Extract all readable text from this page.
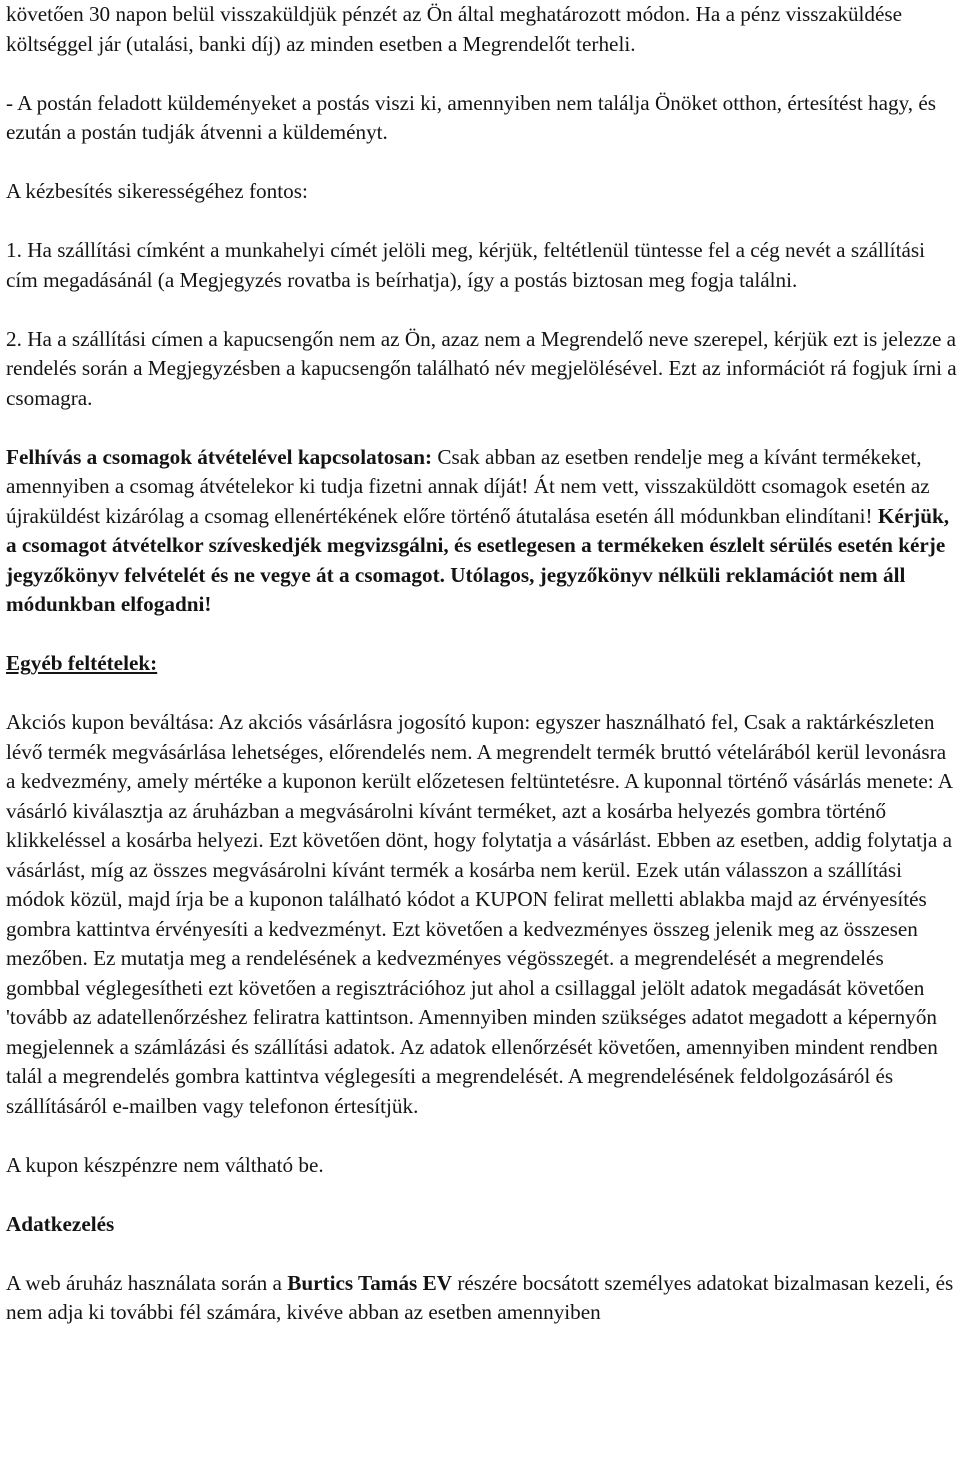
követően 30 napon belül visszaküldjük pénzét az Ön által meghatározott módon. Ha a pénz visszaküldése költséggel jár (utalási, banki díj) az minden esetben a Megrendelőt terheli.

- A postán feladott küldeményeket a postás viszi ki, amennyiben nem találja Önöket otthon, értesítést hagy, és ezután a postán tudják átvenni a küldeményt.

A kézbesítés sikerességéhez fontos:

1. Ha szállítási címként a munkahelyi címét jelöli meg, kérjük, feltétlenül tüntesse fel a cég nevét a szállítási cím megadásánál (a Megjegyzés rovatba is beírhatja), így a postás biztosan meg fogja találni.

2. Ha a szállítási címen a kapucsengőn nem az Ön, azaz nem a Megrendelő neve szerepel, kérjük ezt is jelezze a rendelés során a Megjegyzésben a kapucsengőn található név megjelölésével. Ezt az információt rá fogjuk írni a csomagra.

Felhívás a csomagok átvételével kapcsolatosan: Csak abban az esetben rendelje meg a kívánt termékeket, amennyiben a csomag átvételekor ki tudja fizetni annak díját! Át nem vett, visszaküldött csomagok esetén az újraküldést kizárólag a csomag ellenértékének előre történő átutalása esetén áll módunkban elindítani! Kérjük, a csomagot átvételkor szíveskedjék megvizsgálni, és esetlegesen a termékeken észlelt sérülés esetén kérje jegyzőkönyv felvételét és ne vegye át a csomagot. Utólagos, jegyzőkönyv nélküli reklamációt nem áll módunkban elfogadni!

Egyéb feltételek:

Akciós kupon beváltása: Az akciós vásárlásra jogosító kupon: egyszer használható fel, Csak a raktárkészleten lévő termék megvásárlása lehetséges, előrendelés nem. A megrendelt termék bruttó vételárából kerül levonásra a kedvezmény, amely mértéke a kuponon került előzetesen feltüntetésre. A kuponnal történő vásárlás menete: A vásárló kiválasztja az áruházban a megvásárolni kívánt terméket, azt a kosárba helyezés gombra történő klikkeléssel a kosárba helyezi. Ezt követően dönt, hogy folytatja a vásárlást. Ebben az esetben, addig folytatja a vásárlást, míg az összes megvásárolni kívánt termék a kosárba nem kerül. Ezek után válasszon a szállítási módok közül, majd írja be a kuponon található kódot a KUPON felirat melletti ablakba majd az érvényesítés gombra kattintva érvényesíti a kedvezményt. Ezt követően a kedvezményes összeg jelenik meg az összesen mezőben. Ez mutatja meg a rendelésének a kedvezményes végösszegét. a megrendelését a megrendelés gombbal véglegesítheti ezt követően a regisztrációhoz jut ahol a csillaggal jelölt adatok megadását követően 'tovább az adatellenőrzéshez feliratra kattintson. Amennyiben minden szükséges adatot megadott a képernyőn megjelennek a számlázási és szállítási adatok. Az adatok ellenőrzését követően, amennyiben mindent rendben talál a megrendelés gombra kattintva véglegesíti a megrendelését. A megrendelésének feldolgozásáról és szállításáról e-mailben vagy telefonon értesítjük.

A kupon készpénzre nem váltható be.

Adatkezelés

A web áruház használata során a Burtics Tamás EV részére bocsátott személyes adatokat bizalmasan kezeli, és nem adja ki további fél számára, kivéve abban az esetben amennyiben
